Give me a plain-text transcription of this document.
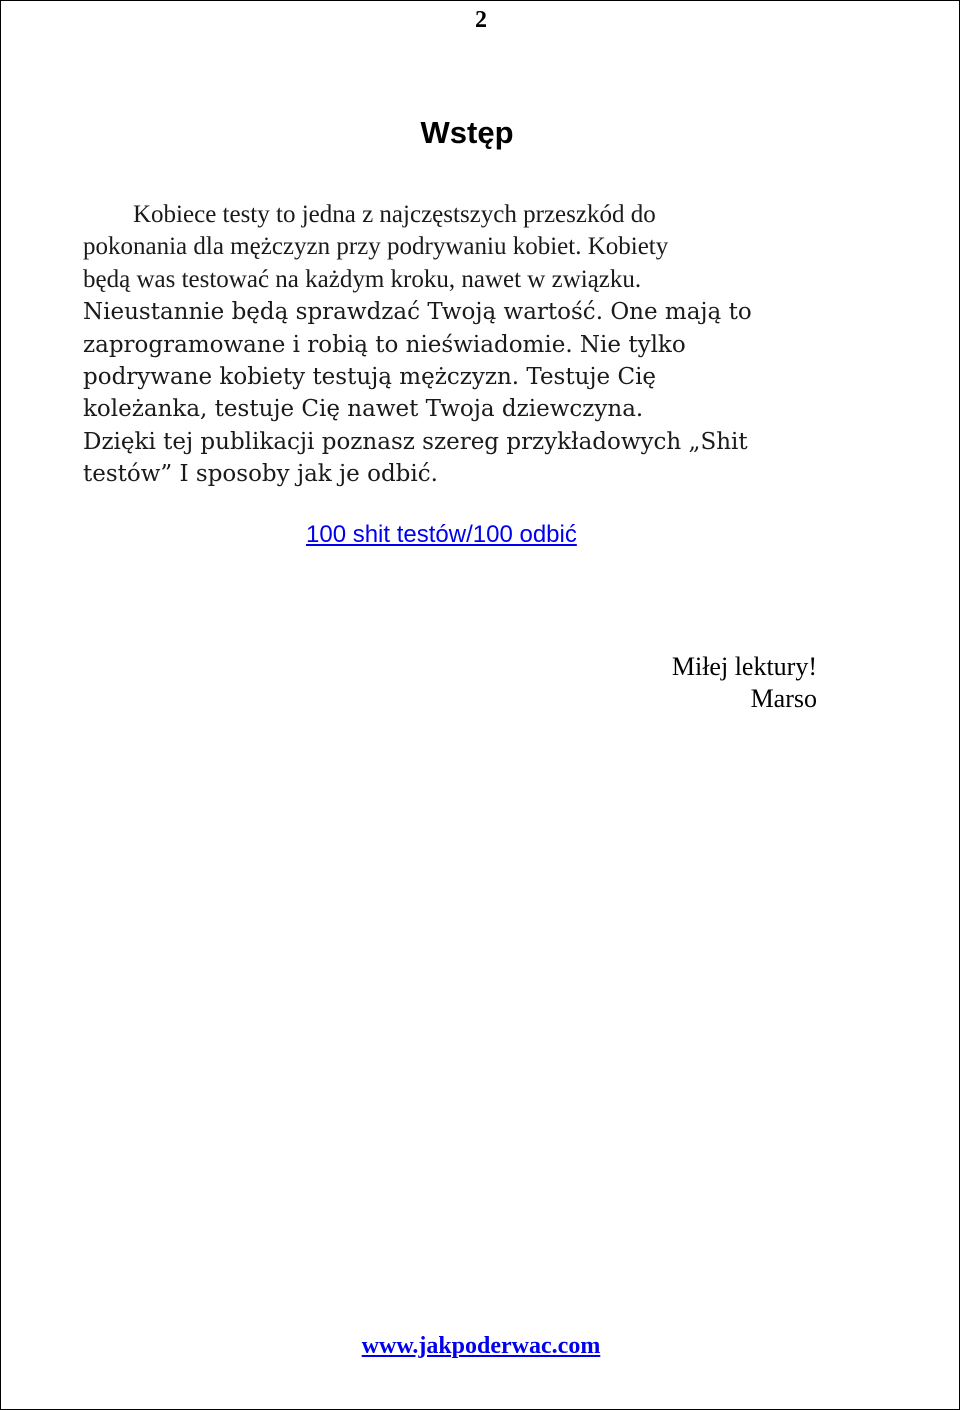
2
Wstęp
Kobiece testy to jedna z najczęstszych przeszkód do
pokonania dla mężczyzn przy podrywaniu kobiet. Kobiety
będą was testować na każdym kroku, nawet w związku.
Nieustannie będą sprawdzać Twoją wartość. One mają to
zaprogramowane i robią to nieświadomie. Nie tylko
podrywane kobiety testują mężczyzn. Testuje Cię
koleżanka, testuje Cię nawet Twoja dziewczyna.
Dzięki tej publikacji poznasz szereg przykładowych „Shit
testów” I sposoby jak je odbić.
100 shit testów/100 odbić
Miłej lektury!
Marso
www.jakpoderwac.com
